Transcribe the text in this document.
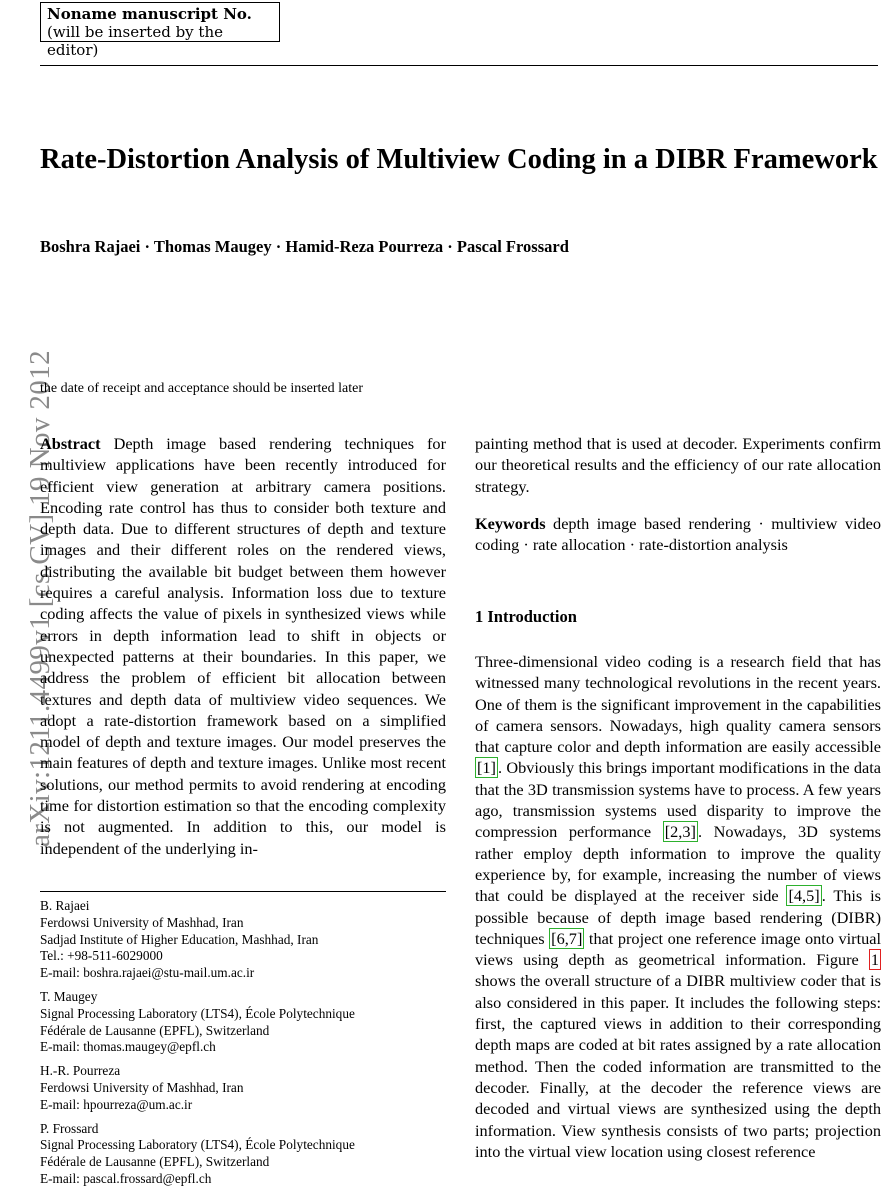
Noname manuscript No.
(will be inserted by the editor)
arXiv:1211.4499v1 [cs.CV] 19 Nov 2012
Rate-Distortion Analysis of Multiview Coding in a DIBR Framework
Boshra Rajaei · Thomas Maugey · Hamid-Reza Pourreza · Pascal Frossard
the date of receipt and acceptance should be inserted later
Abstract Depth image based rendering techniques for multiview applications have been recently introduced for efficient view generation at arbitrary camera positions. Encoding rate control has thus to consider both texture and depth data. Due to different structures of depth and texture images and their different roles on the rendered views, distributing the available bit budget between them however requires a careful analysis. Information loss due to texture coding affects the value of pixels in synthesized views while errors in depth information lead to shift in objects or unexpected patterns at their boundaries. In this paper, we address the problem of efficient bit allocation between textures and depth data of multiview video sequences. We adopt a rate-distortion framework based on a simplified model of depth and texture images. Our model preserves the main features of depth and texture images. Unlike most recent solutions, our method permits to avoid rendering at encoding time for distortion estimation so that the encoding complexity is not augmented. In addition to this, our model is independent of the underlying in-
painting method that is used at decoder. Experiments confirm our theoretical results and the efficiency of our rate allocation strategy.
Keywords depth image based rendering · multiview video coding · rate allocation · rate-distortion analysis
1 Introduction
Three-dimensional video coding is a research field that has witnessed many technological revolutions in the recent years. One of them is the significant improvement in the capabilities of camera sensors. Nowadays, high quality camera sensors that capture color and depth information are easily accessible [1] . Obviously this brings important modifications in the data that the 3D transmission systems have to process. A few years ago, transmission systems used disparity to improve the compression performance [2,3] . Nowadays, 3D systems rather employ depth information to improve the quality experience by, for example, increasing the number of views that could be displayed at the receiver side [4,5] . This is possible because of depth image based rendering (DIBR) techniques [6,7] that project one reference image onto virtual views using depth as geometrical information. Figure 1 shows the overall structure of a DIBR multiview coder that is also considered in this paper. It includes the following steps: first, the captured views in addition to their corresponding depth maps are coded at bit rates assigned by a rate allocation method. Then the coded information are transmitted to the decoder. Finally, at the decoder the reference views are decoded and virtual views are synthesized using the depth information. View synthesis consists of two parts; projection into the virtual view location using closest reference
B. Rajaei
Ferdowsi University of Mashhad, Iran
Sadjad Institute of Higher Education, Mashhad, Iran
Tel.: +98-511-6029000
E-mail: boshra.rajaei@stu-mail.um.ac.ir
T. Maugey
Signal Processing Laboratory (LTS4), École Polytechnique
Fédérale de Lausanne (EPFL), Switzerland
E-mail: thomas.maugey@epfl.ch
H.-R. Pourreza
Ferdowsi University of Mashhad, Iran
E-mail: hpourreza@um.ac.ir
P. Frossard
Signal Processing Laboratory (LTS4), École Polytechnique
Fédérale de Lausanne (EPFL), Switzerland
E-mail: pascal.frossard@epfl.ch
